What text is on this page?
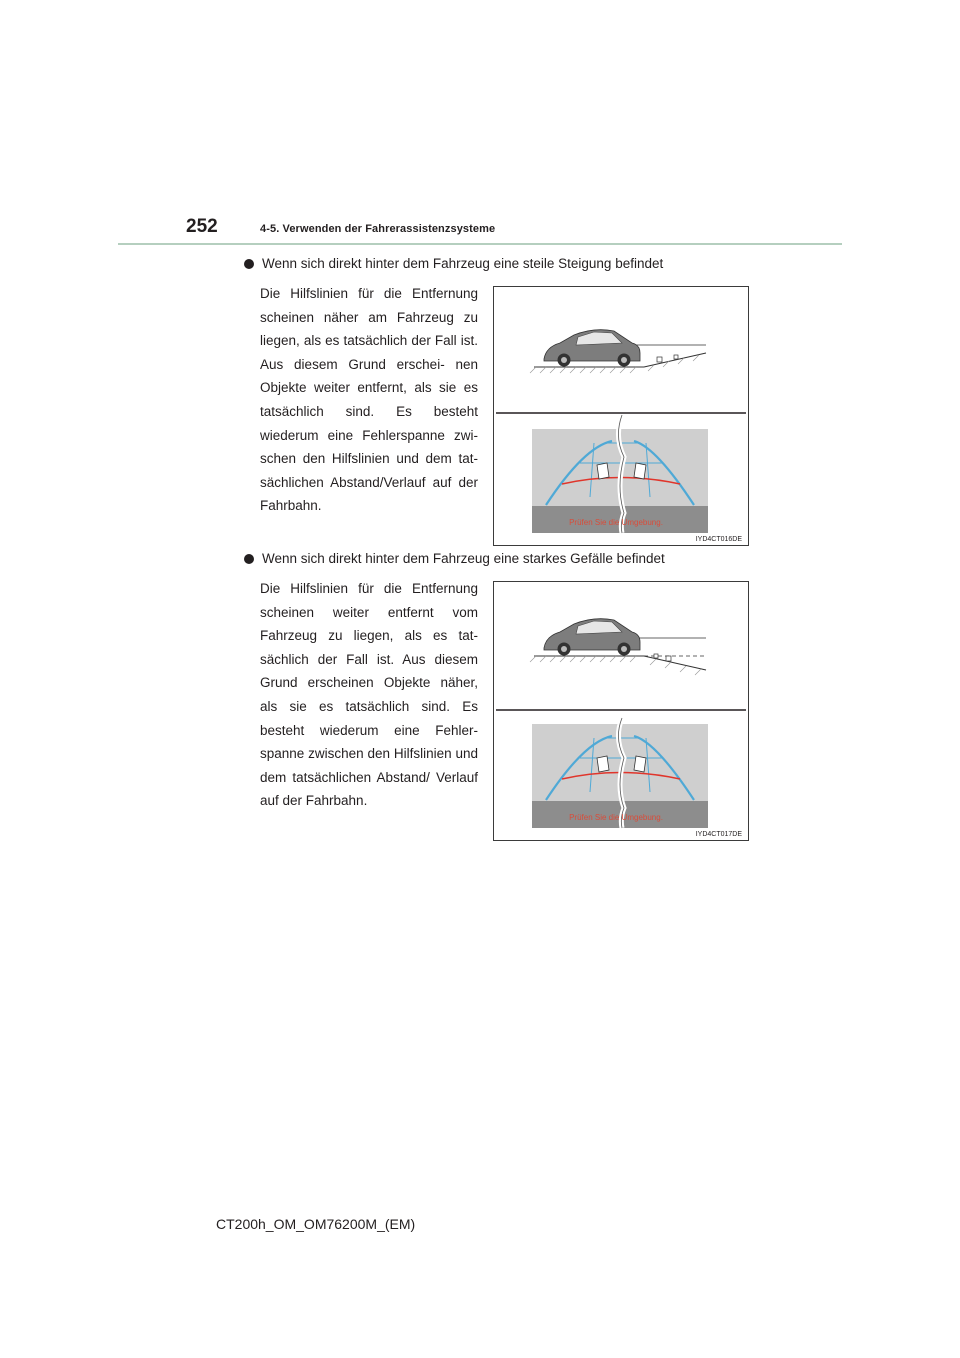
252	4-5. Verwenden der Fahrerassistenzsysteme
Wenn sich direkt hinter dem Fahrzeug eine steile Steigung befindet
Die Hilfslinien für die Entfernung scheinen näher am Fahrzeug zu liegen, als es tatsächlich der Fall ist. Aus diesem Grund erschei- nen Objekte weiter entfernt, als sie es tatsächlich sind. Es besteht wiederum eine Fehlerspanne zwi- schen den Hilfslinien und dem tat- sächlichen Abstand/Verlauf auf der Fahrbahn.
Prüfen Sie die Umgebung.
IYD4CT016DE
Wenn sich direkt hinter dem Fahrzeug eine starkes Gefälle befindet
Die Hilfslinien für die Entfernung scheinen weiter entfernt vom Fahrzeug zu liegen, als es tat- sächlich der Fall ist. Aus diesem Grund erscheinen Objekte näher, als sie es tatsächlich sind. Es besteht wiederum eine Fehler- spanne zwischen den Hilfslinien und dem tatsächlichen Abstand/ Verlauf auf der Fahrbahn.
Prüfen Sie die Umgebung.
IYD4CT017DE
CT200h_OM_OM76200M_(EM)
